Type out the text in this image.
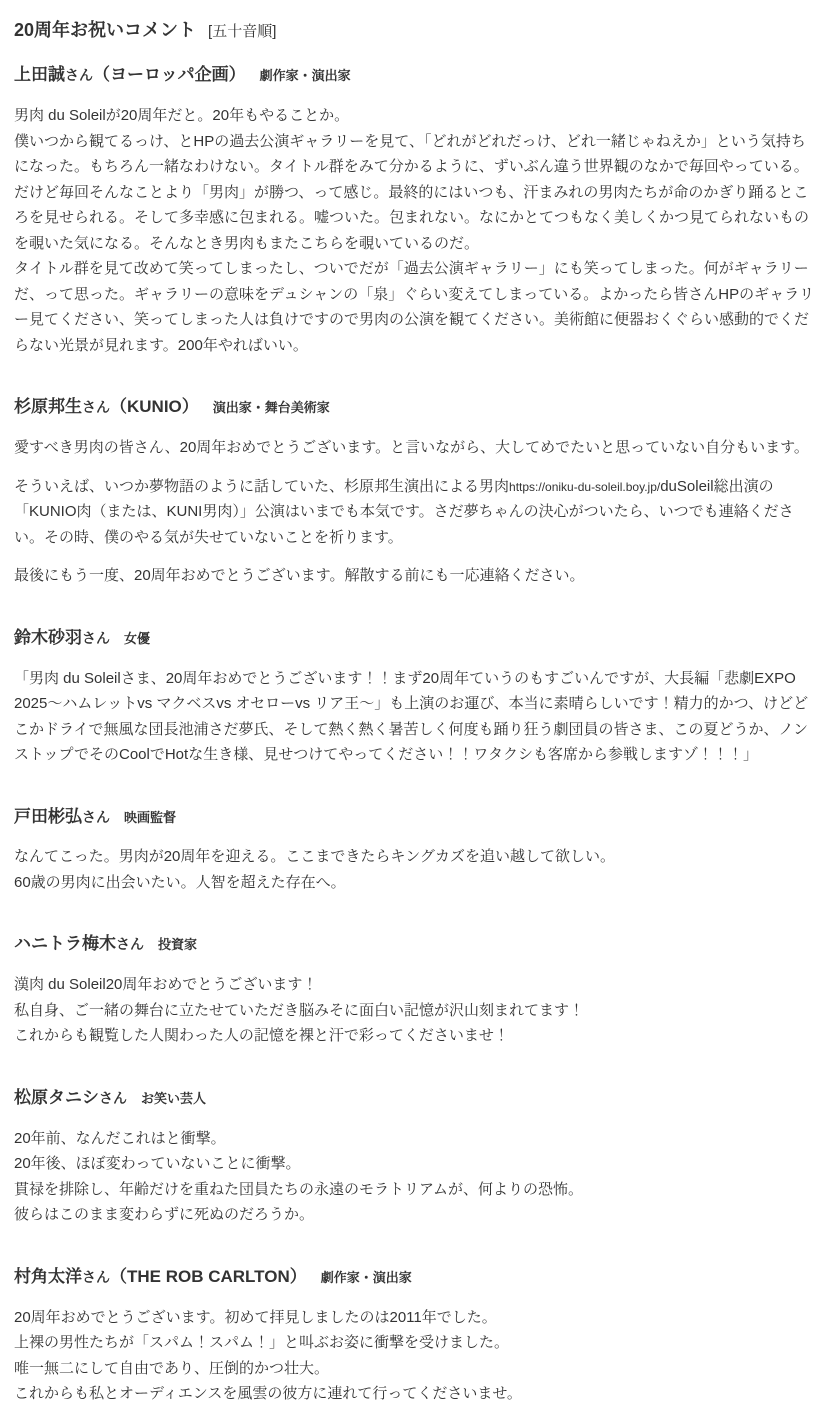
20周年お祝いコメント [五十音順]
上田誠さん（ヨーロッパ企画） 劇作家・演出家

男肉 du Soleilが20周年だと。20年もやることか。
僕いつから観てるっけ、とHPの過去公演ギャラリーを見て、「どれがどれだっけ、どれ一緒じゃねえか」という気持ちになった。もちろん一緒なわけない。タイトル群をみて分かるように、ずいぶん違う世界観のなかで毎回やっている。だけど毎回そんなことより「男肉」が勝つ、って感じ。最終的にはいつも、汗まみれの男肉たちが命のかぎり踊るところを見せられる。そして多幸感に包まれる。嘘ついた。包まれない。なにかとてつもなく美しくかつ見てられないものを覗いた気になる。そんなとき男肉もまたこちらを覗いているのだ。
タイトル群を見て改めて笑ってしまったし、ついでだが「過去公演ギャラリー」にも笑ってしまった。何がギャラリーだ、って思った。ギャラリーの意味をデュシャンの「泉」ぐらい変えてしまっている。よかったら皆さんHPのギャラリー見てください、笑ってしまった人は負けですので男肉の公演を観てください。美術館に便器おくぐらい感動的でくだらない光景が見れます。200年やればいい。

杉原邦生さん（KUNIO） 演出家・舞台美術家

愛すべき男肉の皆さん、20周年おめでとうございます。と言いながら、大してめでたいと思っていない自分もいます。

そういえば、いつか夢物語のように話していた、杉原邦生演出による男肉https://oniku-du-soleil.boy.jp/duSoleil総出演の「KUNIO肉（または、KUNI男肉）」公演はいまでも本気です。さだ夢ちゃんの決心がついたら、いつでも連絡ください。その時、僕のやる気が失せていないことを祈ります。

最後にもう一度、20周年おめでとうございます。解散する前にも一応連絡ください。

鈴木砂羽さん 女優

「男肉 du Soleilさま、20周年おめでとうございます！！まず20周年ていうのもすごいんですが、大長編「悲劇EXPO 2025～ハムレットvs マクベスvs オセローvs リア王～」も上演のお運び、本当に素晴らしいです！精力的かつ、けどどこかドライで無風な団長池浦さだ夢氏、そして熱く熱く暑苦しく何度も踊り狂う劇団員の皆さま、この夏どうか、ノンストップでそのCoolでHotな生き様、見せつけてやってください！！ワタクシも客席から参戦しますゾ！！！」

戸田彬弘さん 映画監督

なんてこった。男肉が20周年を迎える。ここまできたらキングカズを追い越して欲しい。
60歳の男肉に出会いたい。人智を超えた存在へ。

ハニトラ梅木さん 投資家

漢肉 du Soleil20周年おめでとうございます！
私自身、ご一緒の舞台に立たせていただき脳みそに面白い記憶が沢山刻まれてます！
これからも観覧した人関わった人の記憶を裸と汗で彩ってくださいませ！

松原タニシさん お笑い芸人

20年前、なんだこれはと衝撃。
20年後、ほぼ変わっていないことに衝撃。
貫禄を排除し、年齢だけを重ねた団員たちの永遠のモラトリアムが、何よりの恐怖。
彼らはこのまま変わらずに死ぬのだろうか。

村角太洋さん（THE ROB CARLTON） 劇作家・演出家

20周年おめでとうございます。初めて拝見しましたのは2011年でした。
上裸の男性たちが「スパム！スパム！」と叫ぶお姿に衝撃を受けました。
唯一無二にして自由であり、圧倒的かつ壮大。
これからも私とオーディエンスを風雲の彼方に連れて行ってくださいませ。
